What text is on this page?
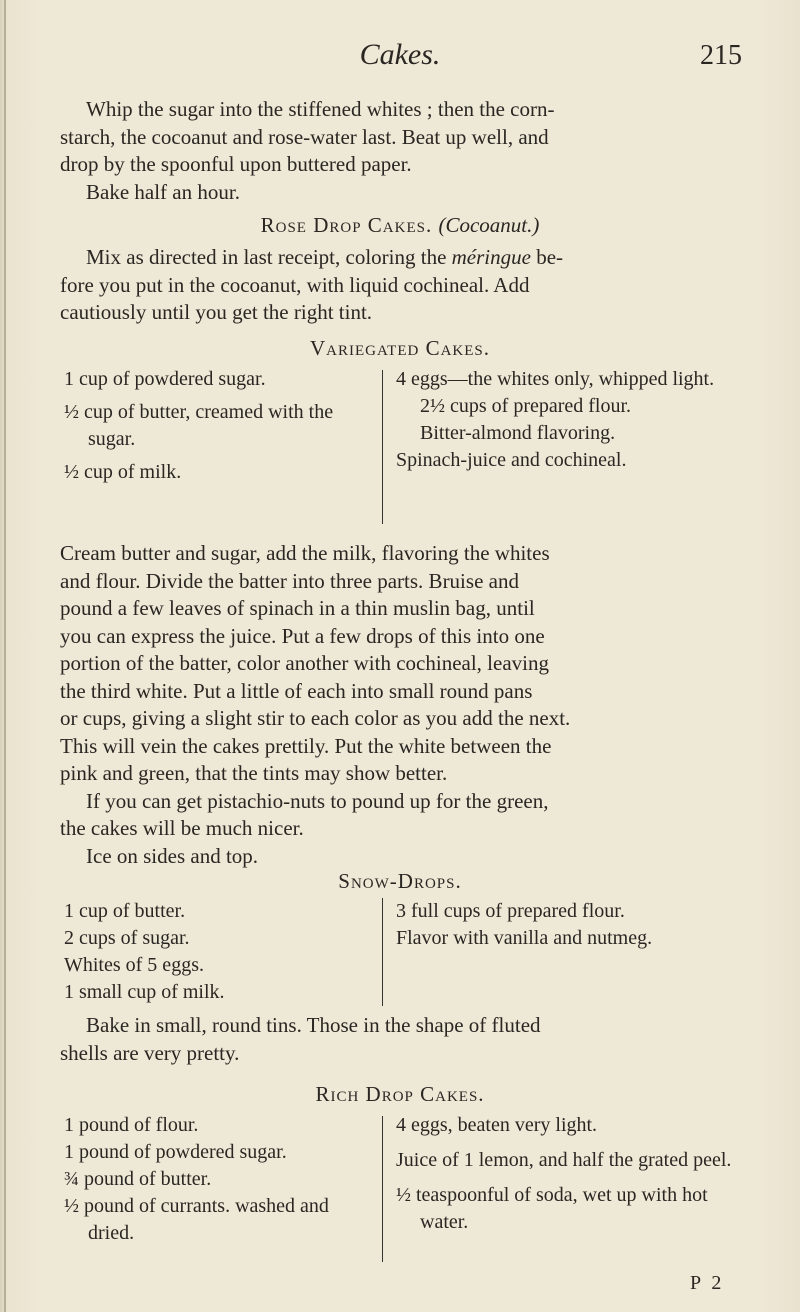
Cakes.	215
Whip the sugar into the stiffened whites ; then the corn-
starch, the cocoanut and rose-water last. Beat up well, and
drop by the spoonful upon buttered paper.
Bake half an hour.
Rose Drop Cakes. (Cocoanut.)
Mix as directed in last receipt, coloring the méringue be-
fore you put in the cocoanut, with liquid cochineal. Add
cautiously until you get the right tint.
Variegated Cakes.
1 cup of powdered sugar.
½ cup of butter, creamed with the sugar.
½ cup of milk.
4 eggs—the whites only, whipped light.
2½ cups of prepared flour.
Bitter-almond flavoring.
Spinach-juice and cochineal.
Cream butter and sugar, add the milk, flavoring the whites
and flour. Divide the batter into three parts. Bruise and
pound a few leaves of spinach in a thin muslin bag, until
you can express the juice. Put a few drops of this into one
portion of the batter, color another with cochineal, leaving
the third white. Put a little of each into small round pans
or cups, giving a slight stir to each color as you add the next.
This will vein the cakes prettily. Put the white between the
pink and green, that the tints may show better.
If you can get pistachio-nuts to pound up for the green,
the cakes will be much nicer.
Ice on sides and top.
Snow-Drops.
1 cup of butter.
2 cups of sugar.
Whites of 5 eggs.
1 small cup of milk.
3 full cups of prepared flour.
Flavor with vanilla and nutmeg.
Bake in small, round tins. Those in the shape of fluted
shells are very pretty.
Rich Drop Cakes.
1 pound of flour.
1 pound of powdered sugar.
¾ pound of butter.
½ pound of currants. washed and dried.
4 eggs, beaten very light.
Juice of 1 lemon, and half the grated peel.
½ teaspoonful of soda, wet up with hot water.
P 2
